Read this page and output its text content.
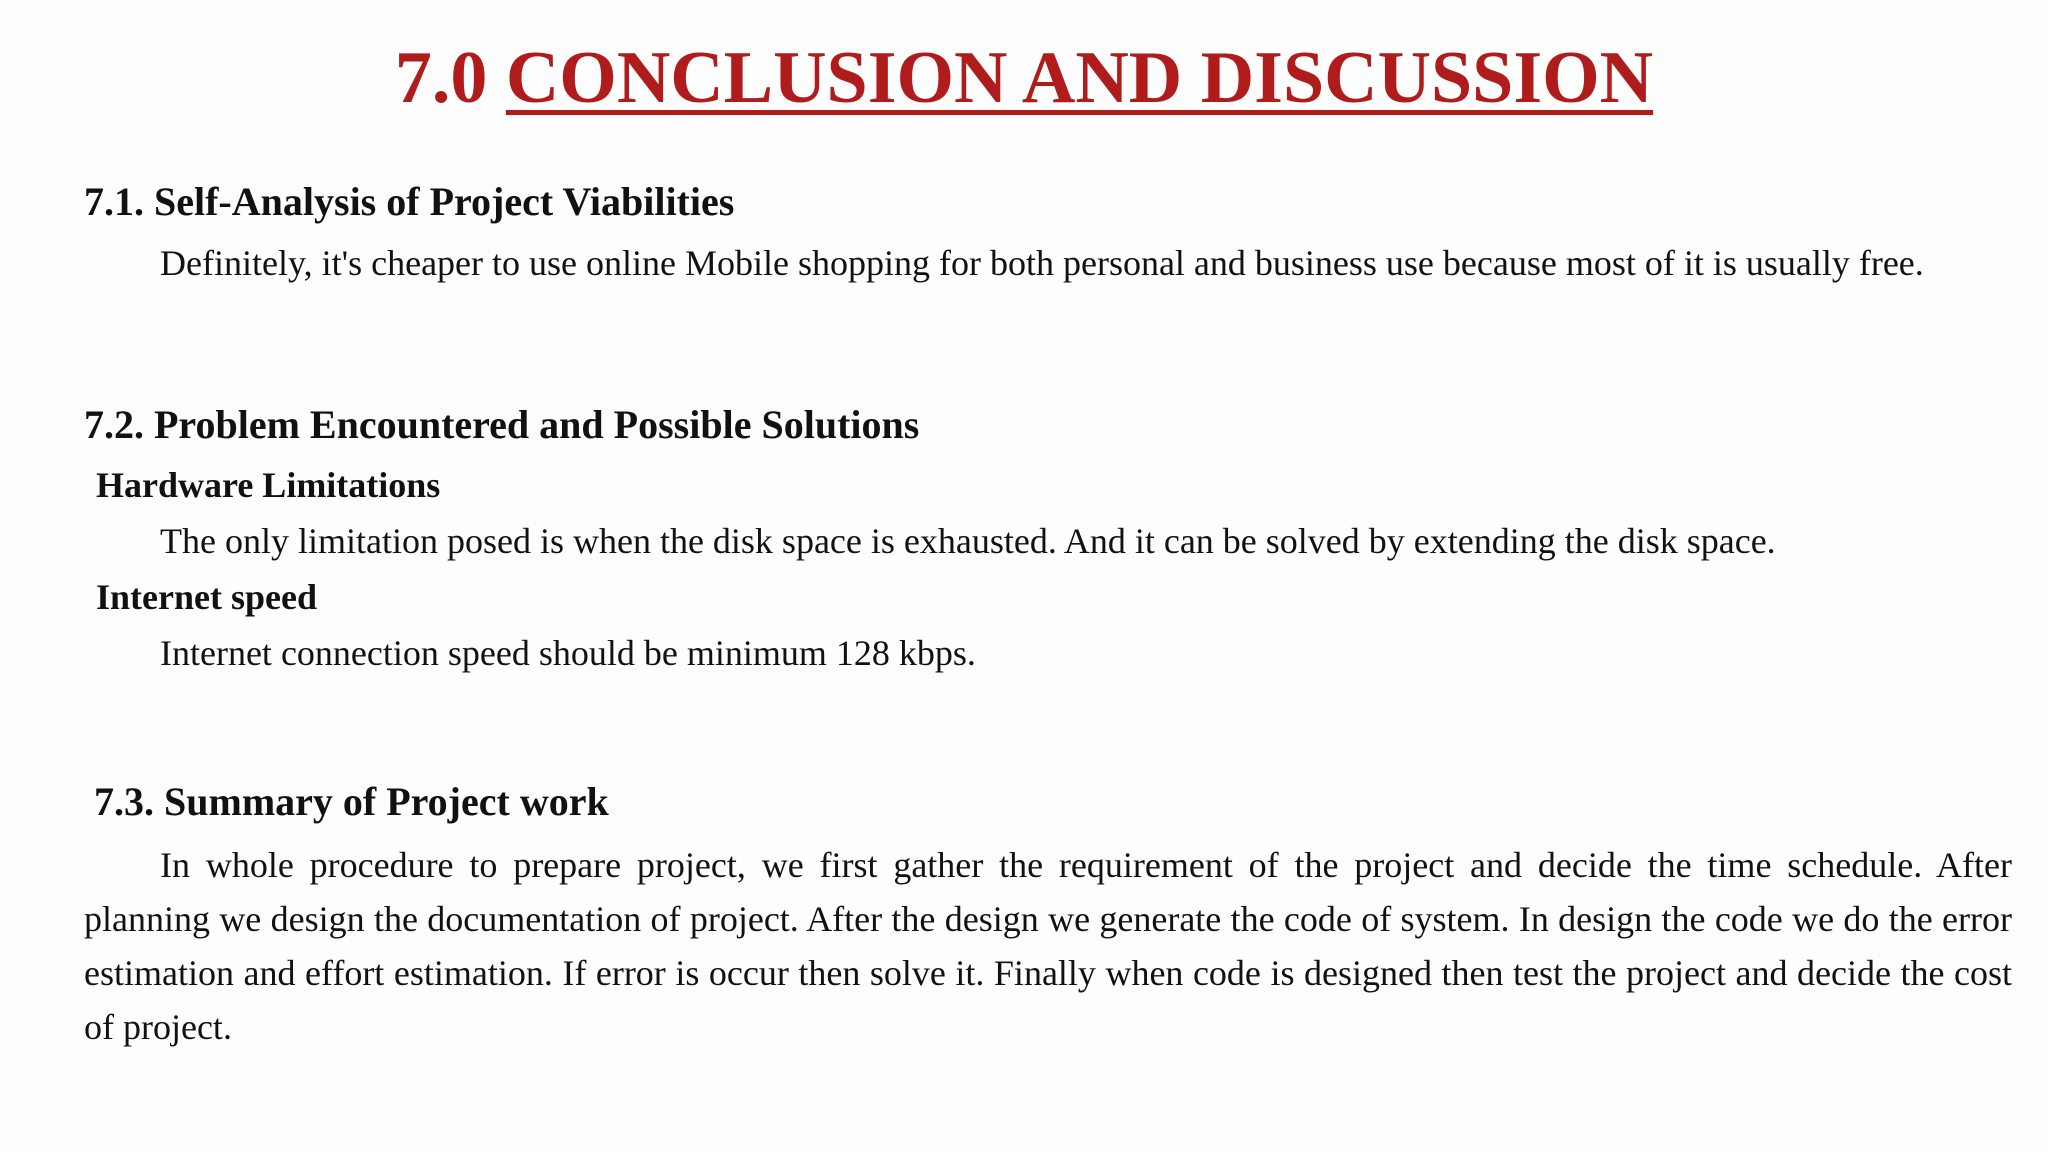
7.0 CONCLUSION AND DISCUSSION
7.1. Self-Analysis of Project Viabilities
Definitely, it's cheaper to use online Mobile shopping for both personal and business use because most of it is usually free.
7.2. Problem Encountered and Possible Solutions
Hardware Limitations
The only limitation posed is when the disk space is exhausted. And it can be solved by extending the disk space.
Internet speed
Internet connection speed should be minimum 128 kbps.
7.3. Summary of Project work
In whole procedure to prepare project, we first gather the requirement of the project and decide the time schedule. After planning we design the documentation of project. After the design we generate the code of system. In design the code we do the error estimation and effort estimation. If error is occur then solve it. Finally when code is designed then test the project and decide the cost of project.
